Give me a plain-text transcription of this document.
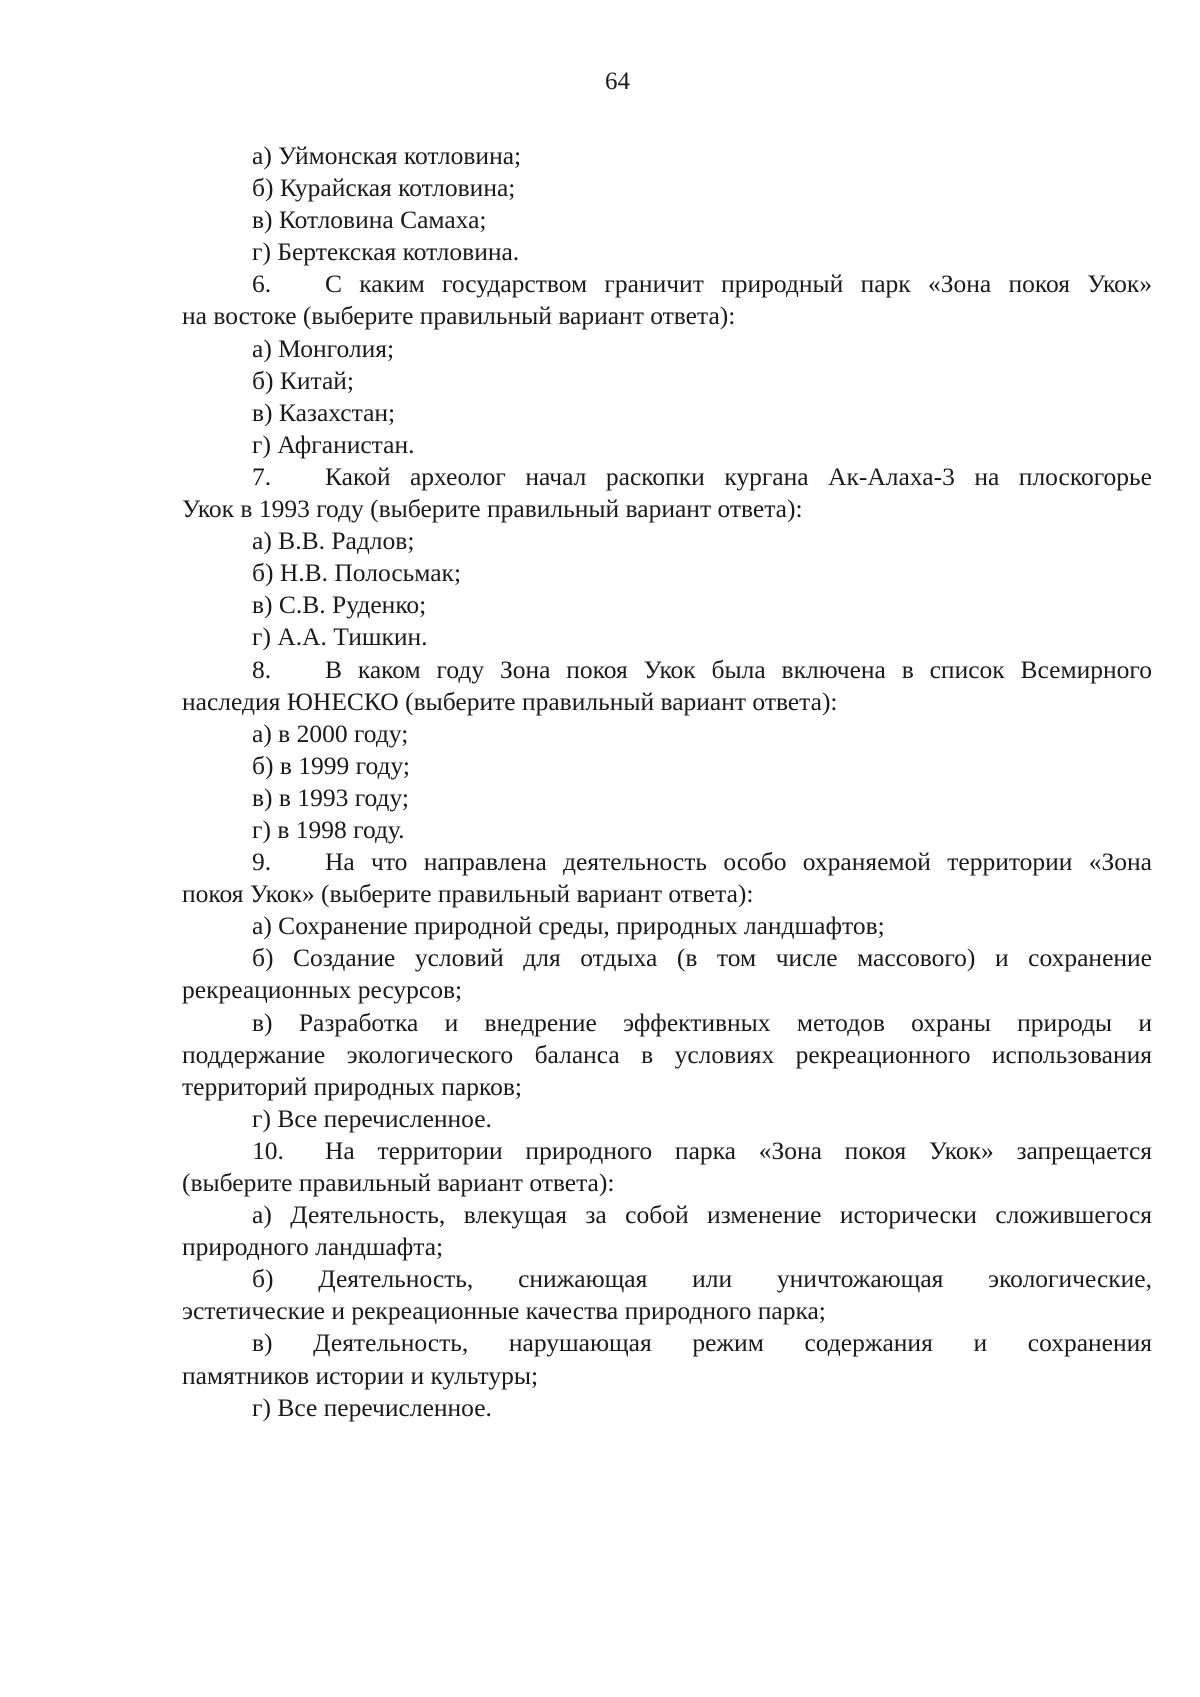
64
а) Уймонская котловина;
б) Курайская котловина;
в) Котловина Самаха;
г) Бертекская котловина.
6.	С каким государством граничит природный парк «Зона покоя Укок»
на востоке (выберите правильный вариант ответа):
а) Монголия;
б) Китай;
в) Казахстан;
г) Афганистан.
7.	Какой археолог начал раскопки кургана Ак-Алаха-3 на плоскогорье
Укок в 1993 году (выберите правильный вариант ответа):
а) В.В. Радлов;
б) Н.В. Полосьмак;
в) С.В. Руденко;
г) А.А. Тишкин.
8.	В каком году Зона покоя Укок была включена в список Всемирного
наследия ЮНЕСКО (выберите правильный вариант ответа):
а) в 2000 году;
б) в 1999 году;
в) в 1993 году;
г) в 1998 году.
9.	На что направлена деятельность особо охраняемой территории «Зона
покоя Укок» (выберите правильный вариант ответа):
а) Сохранение природной среды, природных ландшафтов;
б) Создание условий для отдыха (в том числе массового) и сохранение
рекреационных ресурсов;
в) Разработка и внедрение эффективных методов охраны природы и
поддержание экологического баланса в условиях рекреационного использования
территорий природных парков;
г) Все перечисленное.
10.	На территории природного парка «Зона покоя Укок» запрещается
(выберите правильный вариант ответа):
а) Деятельность, влекущая за собой изменение исторически сложившегося
природного ландшафта;
б) Деятельность, снижающая или уничтожающая экологические,
эстетические и рекреационные качества природного парка;
в) Деятельность, нарушающая режим содержания и сохранения
памятников истории и культуры;
г) Все перечисленное.
